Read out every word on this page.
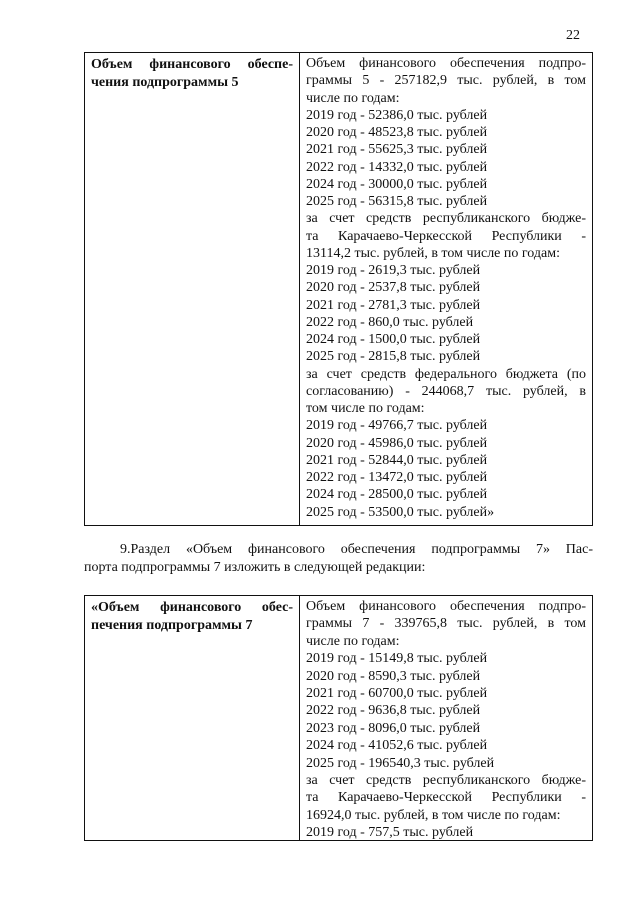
22
Объем финансового обеспе-
чения подпрограммы 5
Объем финансового обеспечения подпро-
граммы 5 - 257182,9 тыс. рублей, в том
числе по годам:
2019 год - 52386,0 тыс. рублей
2020 год - 48523,8 тыс. рублей
2021 год - 55625,3 тыс. рублей
2022 год - 14332,0 тыс. рублей
2024 год - 30000,0 тыс. рублей
2025 год - 56315,8 тыс. рублей
за счет средств республиканского бюдже-
та Карачаево-Черкесской Республики -
13114,2 тыс. рублей, в том числе по годам:
2019 год - 2619,3 тыс. рублей
2020 год - 2537,8 тыс. рублей
2021 год - 2781,3 тыс. рублей
2022 год - 860,0 тыс. рублей
2024 год - 1500,0 тыс. рублей
2025 год - 2815,8 тыс. рублей
за счет средств федерального бюджета (по
согласованию) - 244068,7 тыс. рублей, в
том числе по годам:
2019 год - 49766,7 тыс. рублей
2020 год - 45986,0 тыс. рублей
2021 год - 52844,0 тыс. рублей
2022 год - 13472,0 тыс. рублей
2024 год - 28500,0 тыс. рублей
2025 год - 53500,0 тыс. рублей»
9.Раздел «Объем финансового обеспечения подпрограммы 7» Пас-
порта подпрограммы 7 изложить в следующей редакции:
«Объем финансового обес-
печения подпрограммы 7
Объем финансового обеспечения подпро-
граммы 7 - 339765,8 тыс. рублей, в том
числе по годам:
2019 год - 15149,8 тыс. рублей
2020 год - 8590,3 тыс. рублей
2021 год - 60700,0 тыс. рублей
2022 год - 9636,8 тыс. рублей
2023 год - 8096,0 тыс. рублей
2024 год - 41052,6 тыс. рублей
2025 год - 196540,3 тыс. рублей
за счет средств республиканского бюдже-
та Карачаево-Черкесской Республики -
16924,0 тыс. рублей, в том числе по годам:
2019 год - 757,5 тыс. рублей
